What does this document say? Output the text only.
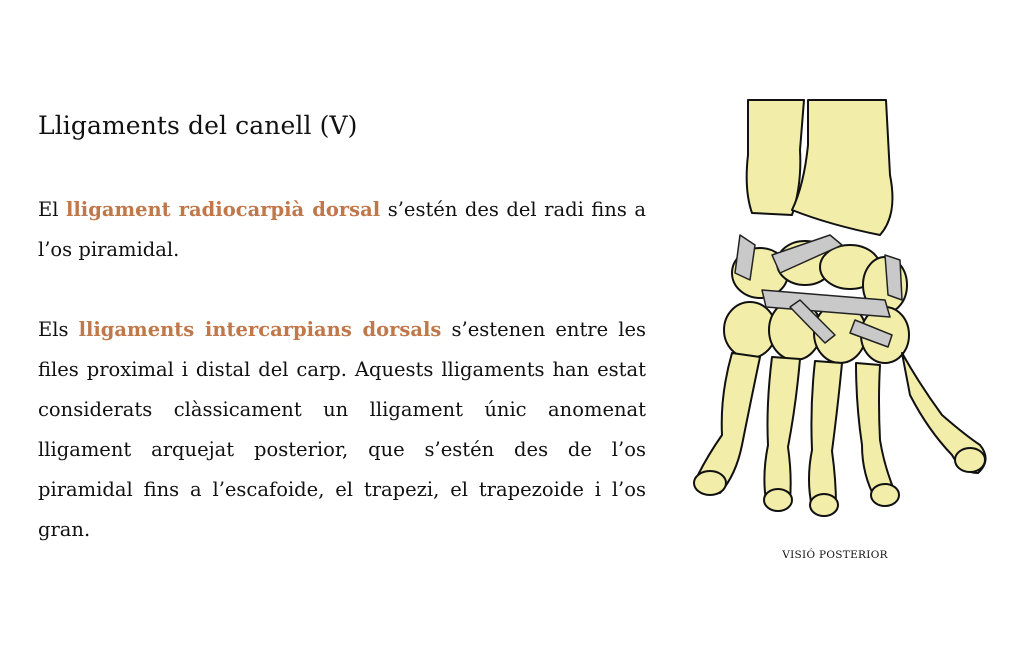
Lligaments del canell (V)

El lligament radiocarpià dorsal s’estén des del radi fins a l’os piramidal.

Els lligaments intercarpians dorsals s’estenen entre les files proximal i distal del carp. Aquests lligaments han estat considerats clàssicament un lligament únic anomenat lligament arquejat posterior, que s’estén des de l’os piramidal fins a l’escafoide, el trapezi, el trapezoide i l’os gran.

VISIÓ POSTERIOR
